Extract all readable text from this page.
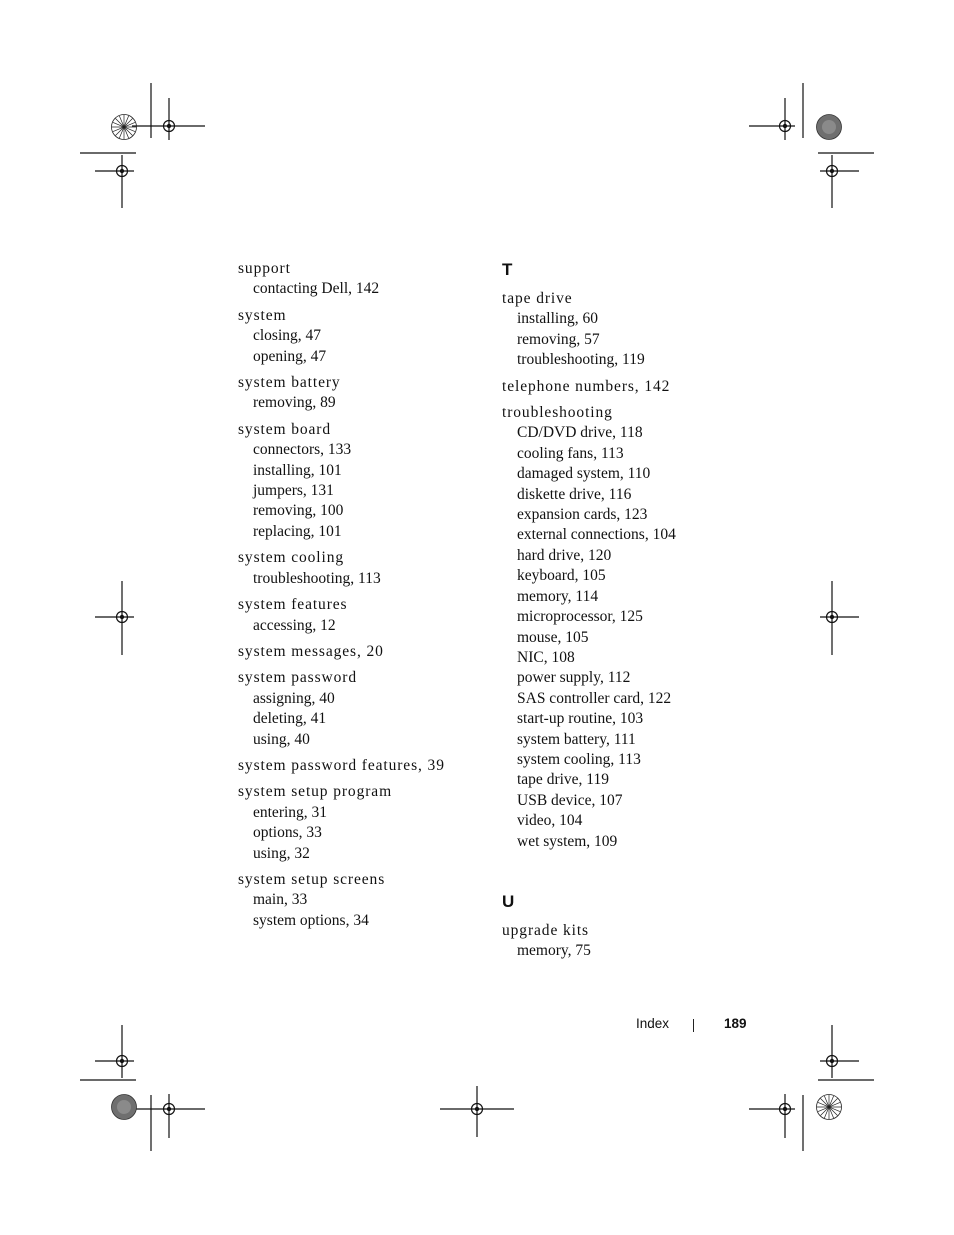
support
contacting Dell, 142
system
closing, 47
opening, 47
system battery
removing, 89
system board
connectors, 133
installing, 101
jumpers, 131
removing, 100
replacing, 101
system cooling
troubleshooting, 113
system features
accessing, 12
system messages, 20
system password
assigning, 40
deleting, 41
using, 40
system password features, 39
system setup program
entering, 31
options, 33
using, 32
system setup screens
main, 33
system options, 34
T
tape drive
installing, 60
removing, 57
troubleshooting, 119
telephone numbers, 142
troubleshooting
CD/DVD drive, 118
cooling fans, 113
damaged system, 110
diskette drive, 116
expansion cards, 123
external connections, 104
hard drive, 120
keyboard, 105
memory, 114
microprocessor, 125
mouse, 105
NIC, 108
power supply, 112
SAS controller card, 122
start-up routine, 103
system battery, 111
system cooling, 113
tape drive, 119
USB device, 107
video, 104
wet system, 109
U
upgrade kits
memory, 75
Index	189
